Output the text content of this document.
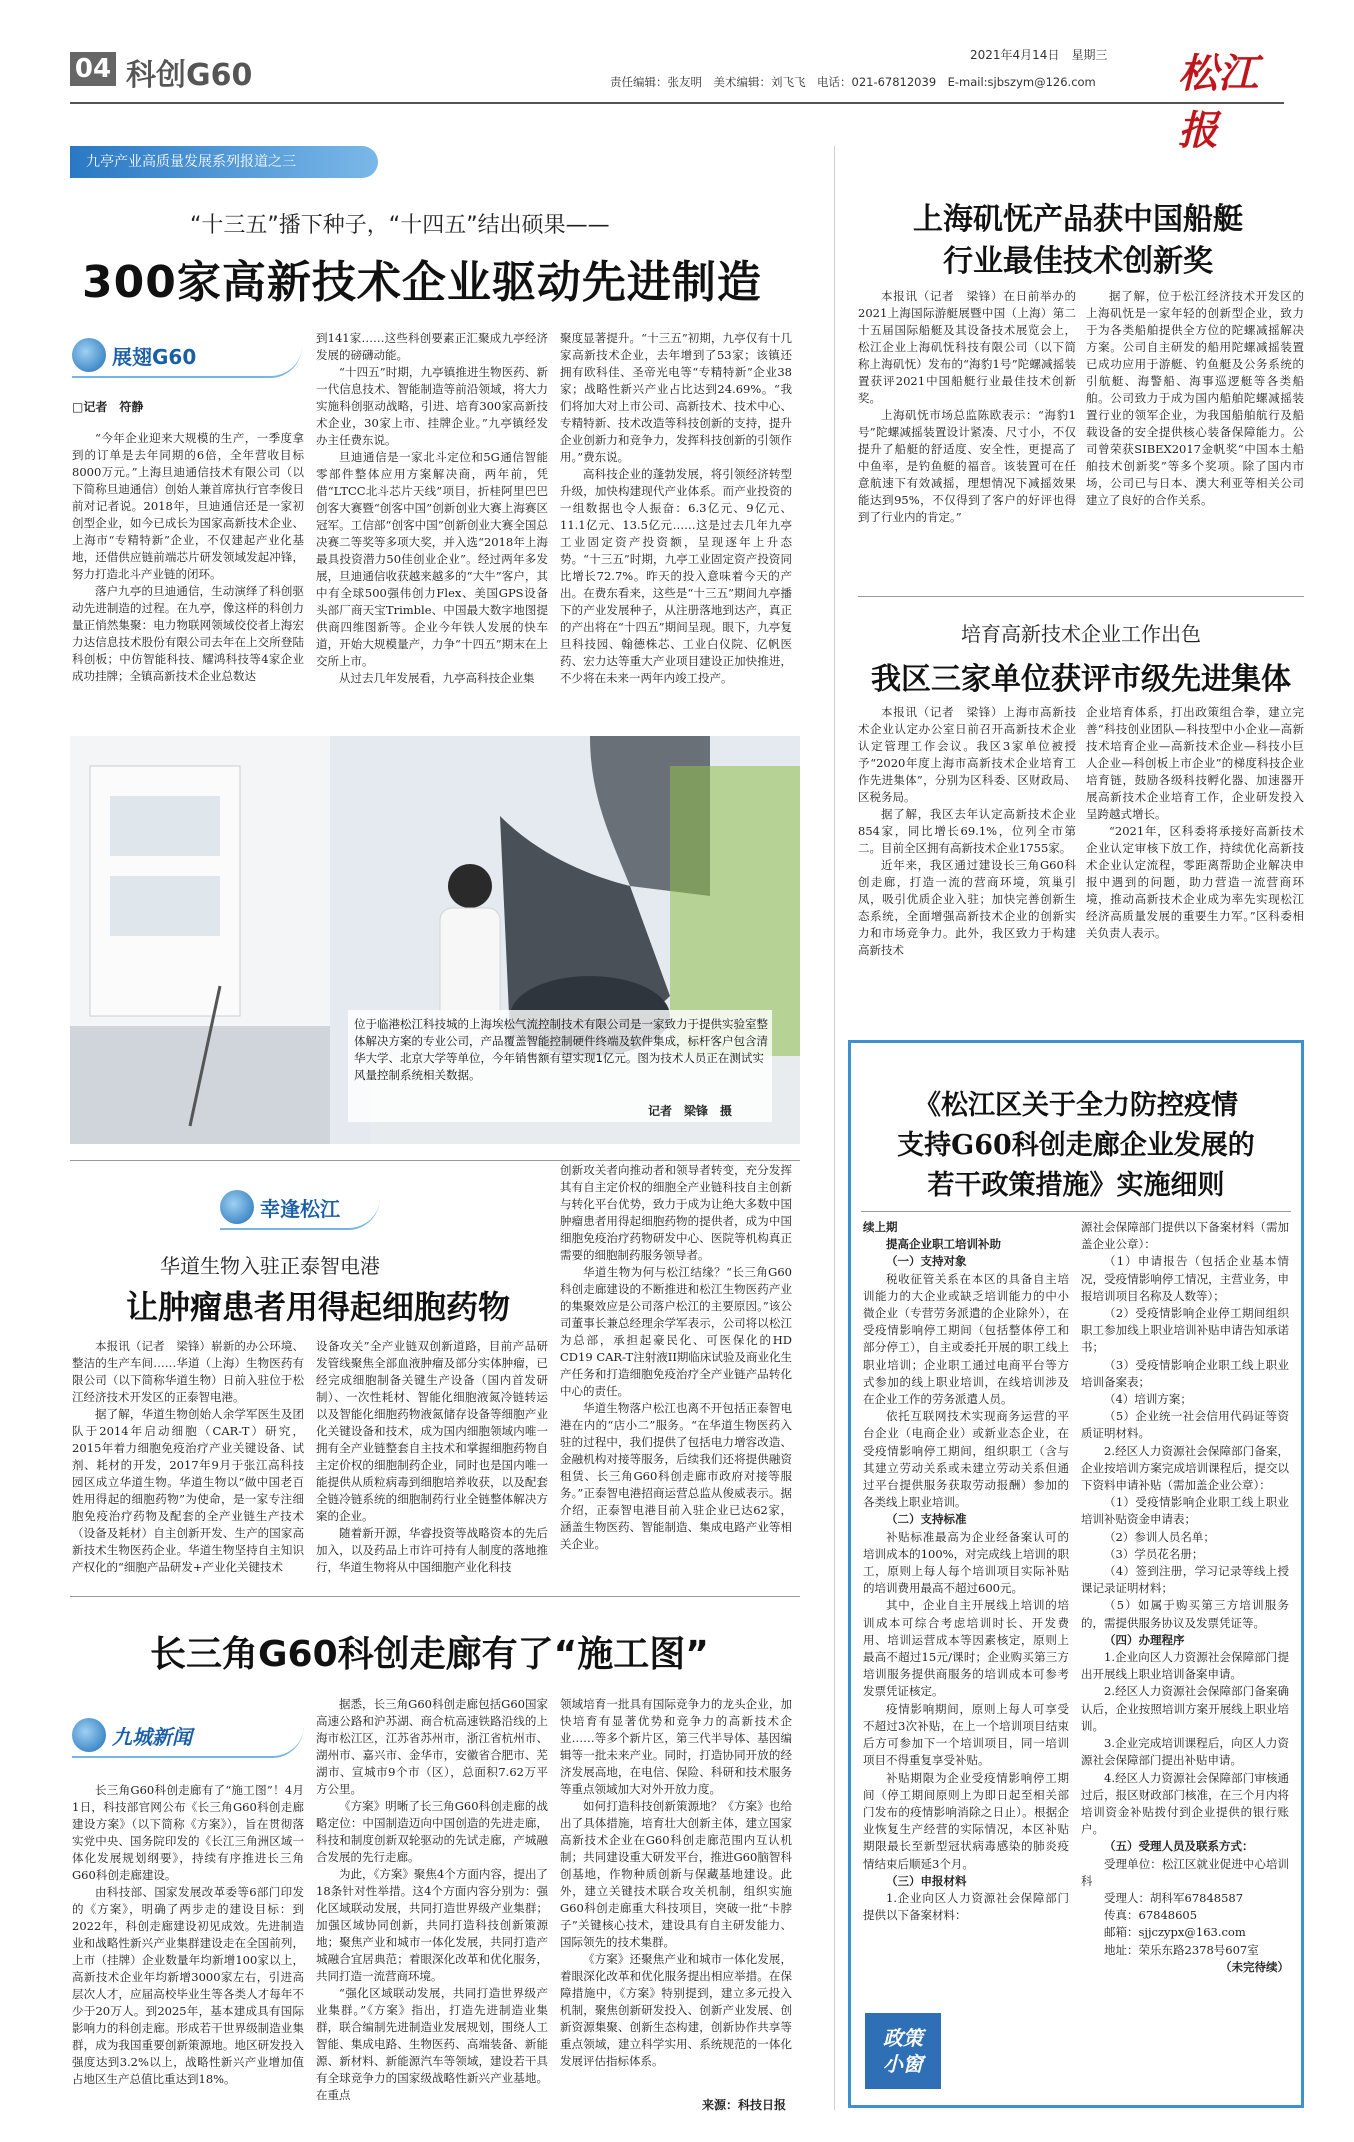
04 科创G60
2021年4月14日　星期三
责任编辑：张友明　美术编辑：刘飞飞　电话：021-67812039　E-mail:sjbszym@126.com 松江报
九亭产业高质量发展系列报道之三
“十三五”播下种子，“十四五”结出硕果——
300家高新技术企业驱动先进制造
展翅G60
□记者　符静

“今年企业迎来大规模的生产，一季度拿到的订单是去年同期的6倍，全年营收目标8000万元。”上海旦迪通信技术有限公司（以下简称旦迪通信）创始人兼首席执行官李俊日前对记者说。2018年，旦迪通信还是一家初创型企业，如今已成长为国家高新技术企业、上海市“专精特新”企业，不仅建起产业化基地，还借供应链前端芯片研发领域发起冲锋，努力打造北斗产业链的闭环。

落户九亭的旦迪通信，生动演绎了科创驱动先进制造的过程。在九亭，像这样的科创力量正悄然集聚：电力物联网领域佼佼者上海宏力达信息技术股份有限公司去年在上交所登陆科创板；中仿智能科技、耀鸿科技等4家企业成功挂牌；全镇高新技术企业总数达

到141家……这些科创要素正汇聚成九亭经济发展的磅礴动能。

“十四五”时期，九亭镇推进生物医药、新一代信息技术、智能制造等前沿领域，将大力实施科创驱动战略，引进、培育300家高新技术企业，30家上市、挂牌企业。”九亭镇经发办主任费东说。

旦迪通信是一家北斗定位和5G通信智能零部件整体应用方案解决商，两年前，凭借“LTCC北斗芯片天线”项目，折桂阿里巴巴创客大赛暨“创客中国”创新创业大赛上海赛区冠军。工信部“创客中国”创新创业大赛全国总决赛二等奖等多项大奖，并入选“2018年上海最具投资潜力50佳创业企业”。经过两年多发展，旦迪通信收获越来越多的“大牛”客户，其中有全球500强伟创力Flex、美国GPS设备头部厂商天宝Trimble、中国最大数字地图提供商四维图新等。企业今年铁人发展的快车道，开始大规模量产，力争“十四五”期末在上交所上市。

从过去几年发展看，九亭高科技企业集

聚度显著提升。“十三五”初期，九亭仅有十几家高新技术企业，去年增到了53家；该镇还拥有欧科佳、圣帝光电等“专精特新”企业38家；战略性新兴产业占比达到24.69%。“我们将加大对上市公司、高新技术、技术中心、专精特新、技术改造等科技创新的支持，提升企业创新力和竞争力，发挥科技创新的引领作用。”费东说。

高科技企业的蓬勃发展，将引领经济转型升级，加快构建现代产业体系。而产业投资的一组数据也令人振奋：6.3亿元、9亿元、11.1亿元、13.5亿元……这是过去几年九亭工业固定资产投资额，呈现逐年上升态势。“十三五”时期，九亭工业固定资产投资同比增长72.7%。昨天的投入意味着今天的产出。在费东看来，这些是“十三五”期间九亭播下的产业发展种子，从注册落地到达产，真正的产出将在“十四五”期间呈现。眼下，九亭复旦科技园、翰德株芯、工业白仪院、亿帆医药、宏力达等重大产业项目建设正加快推进，不少将在未来一两年内竣工投产。

位于临港松江科技城的上海埃松气流控制技术有限公司是一家致力于提供实验室整体解决方案的专业公司，产品覆盖智能控制硬件终端及软件集成，标杆客户包含清华大学、北京大学等单位，今年销售额有望实现1亿元。图为技术人员正在测试实风量控制系统相关数据。
记者　梁锋　摄
上海矶怃产品获中国船艇
行业最佳技术创新奖

本报讯（记者　梁锋）在日前举办的2021上海国际游艇展暨中国（上海）第二十五届国际船艇及其设备技术展览会上，松江企业上海矶怃科技有限公司（以下简称上海矶怃）发布的“海豹1号”陀螺减摇装置获评2021中国船艇行业最佳技术创新奖。

上海矶怃市场总监陈欧表示：“海豹1号”陀螺减摇装置设计紧凑、尺寸小，不仅提升了船艇的舒适度、安全性，更提高了中鱼率，是钓鱼艇的福音。该装置可在任意航速下有效减摇，理想情况下减摇效果能达到95%，不仅得到了客户的好评也得到了行业内的肯定。”

据了解，位于松江经济技术开发区的上海矶怃是一家年轻的创新型企业，致力于为各类船舶提供全方位的陀螺减摇解决方案。公司自主研发的船用陀螺减摇装置已成功应用于游艇、钓鱼艇及公务系统的引航艇、海警船、海事巡逻艇等各类船舶。公司致力于成为国内船舶陀螺减摇装置行业的领军企业，为我国船舶航行及船载设备的安全提供核心装备保障能力。公司曾荣获SIBEX2017金帆奖“中国本土船舶技术创新奖”等多个奖项。除了国内市场，公司已与日本、澳大利亚等相关公司建立了良好的合作关系。

培育高新技术企业工作出色
我区三家单位获评市级先进集体

本报讯（记者　梁锋）上海市高新技术企业认定办公室日前召开高新技术企业认定管理工作会议。我区3家单位被授予“2020年度上海市高新技术企业培育工作先进集体”，分别为区科委、区财政局、区税务局。

据了解，我区去年认定高新技术企业854家，同比增长69.1%，位列全市第二。目前全区拥有高新技术企业1755家。

近年来，我区通过建设长三角G60科创走廊，打造一流的营商环境，筑巢引凤，吸引优质企业入驻；加快完善创新生态系统，全面增强高新技术企业的创新实力和市场竞争力。此外，我区致力于构建高新技术

企业培育体系，打出政策组合拳，建立完善“科技创业团队—科技型中小企业—高新技术培育企业—高新技术企业—科技小巨人企业—科创板上市企业”的梯度科技企业培育链，鼓励各级科技孵化器、加速器开展高新技术企业培育工作，企业研发投入呈跨越式增长。

“2021年，区科委将承接好高新技术企业认定审核下放工作，持续优化高新技术企业认定流程，零距离帮助企业解决申报中遇到的问题，助力营造一流营商环境，推动高新技术企业成为率先实现松江经济高质量发展的重要生力军。”区科委相关负责人表示。

幸逢松江
华道生物入驻正泰智电港
让肿瘤患者用得起细胞药物

本报讯（记者　梁锋）崭新的办公环境、整洁的生产车间……华道（上海）生物医药有限公司（以下简称华道生物）日前入驻位于松江经济技术开发区的正泰智电港。

据了解，华道生物创始人余学军医生及团队于2014年启动细胞（CAR-T）研究，2015年着力细胞免疫治疗产业关键设备、试剂、耗材的开发，2017年9月于张江高科技园区成立华道生物。华道生物以“做中国老百姓用得起的细胞药物”为使命，是一家专注细胞免疫治疗药物及配套的全产业链生产技术（设备及耗材）自主创新开发、生产的国家高新技术生物医药企业。华道生物坚持自主知识产权化的“细胞产品研发+产业化关键技术

设备攻关”全产业链双创新道路，目前产品研发管线聚焦全部血液肿瘤及部分实体肿瘤，已经完成细胞制备关键生产设备（国内首发研制）、一次性耗材、智能化细胞液氮冷链转运以及智能化细胞药物液氮储存设备等细胞产业化关键设备和技术，成为国内细胞领域内唯一拥有全产业链整套自主技术和掌握细胞药物自主定价权的细胞制药企业，同时也是国内唯一能提供从质粒病毒到细胞培养收获，以及配套全链冷链系统的细胞制药行业全链整体解决方案的企业。

随着新开源，华睿投资等战略资本的先后加入，以及药品上市许可持有人制度的落地推行，华道生物将从中国细胞产业化科技

创新攻关者向推动者和领导者转变，充分发挥其有自主定价权的细胞全产业链科技自主创新与转化平台优势，致力于成为让绝大多数中国肿瘤患者用得起细胞药物的提供者，成为中国细胞免疫治疗药物研发中心、医院等机构真正需要的细胞制药服务领导者。

华道生物为何与松江结缘？“长三角G60科创走廊建设的不断推进和松江生物医药产业的集聚效应是公司落户松江的主要原因。”该公司董事长兼总经理余学军表示，公司将以松江为总部，承担起豪民化、可医保化的HD CD19 CAR-T注射液II期临床试验及商业化生产任务和打造细胞免疫治疗全产业链产品转化中心的责任。

华道生物落户松江也离不开包括正泰智电港在内的“店小二”服务。“在华道生物医药入驻的过程中，我们提供了包括电力增容改造、金融机构对接等服务，后续我们还将提供融资租赁、长三角G60科创走廊市政府对接等服务。”正泰智电港招商运营总监从俊威表示。据介绍，正泰智电港目前入驻企业已达62家，涵盖生物医药、智能制造、集成电路产业等相关企业。

长三角G60科创走廊有了“施工图”
九城新闻

长三角G60科创走廊有了“施工图”！4月1日，科技部官网公布《长三角G60科创走廊建设方案》（以下简称《方案》），旨在贯彻落实党中央、国务院印发的《长江三角洲区域一体化发展规划纲要》，持续有序推进长三角G60科创走廊建设。

由科技部、国家发展改革委等6部门印发的《方案》，明确了两步走的建设目标：到2022年，科创走廊建设初见成效。先进制造业和战略性新兴产业集群建设走在全国前列，上市（挂牌）企业数量年均新增100家以上，高新技术企业年均新增3000家左右，引进高层次人才，应届高校毕业生等各类人才每年不少于20万人。到2025年，基本建成具有国际影响力的科创走廊。形成若干世界级制造业集群，成为我国重要创新策源地。地区研发投入强度达到3.2%以上，战略性新兴产业增加值占地区生产总值比重达到18%。

据悉，长三角G60科创走廊包括G60国家高速公路和沪苏湖、商合杭高速铁路沿线的上海市松江区，江苏省苏州市，浙江省杭州市、湖州市、嘉兴市、金华市，安徽省合肥市、芜湖市、宣城市9个市（区），总面积7.62万平方公里。

《方案》明晰了长三角G60科创走廊的战略定位：中国制造迈向中国创造的先进走廊，科技和制度创新双轮驱动的先试走廊，产城融合发展的先行走廊。

为此，《方案》聚焦4个方面内容，提出了18条针对性举措。这4个方面内容分别为：强化区域联动发展，共同打造世界级产业集群；加强区域协同创新，共同打造科技创新策源地；聚焦产业和城市一体化发展，共同打造产城融合宜居典范；着眼深化改革和优化服务，共同打造一流营商环境。

“强化区域联动发展，共同打造世界级产业集群。”《方案》指出，打造先进制造业集群，联合编制先进制造业发展规划，围绕人工智能、集成电路、生物医药、高端装备、新能源、新材料、新能源汽车等领域，建设若干具有全球竞争力的国家级战略性新兴产业基地。在重点

领域培育一批具有国际竞争力的龙头企业，加快培育有显著优势和竞争力的高新技术企业……等多个新片区，第三代半导体、基因编辑等一批未来产业。同时，打造协同开放的经济发展高地，在电信、保险、科研和技术服务等重点领域加大对外开放力度。

如何打造科技创新策源地？《方案》也给出了具体措施，培育壮大创新主体，建立国家高新技术企业在G60科创走廊范围内互认机制；共同建设重大研发平台，推进G60脑智科创基地，作物种质创新与保藏基地建设。此外，建立关键技术联合攻关机制，组织实施G60科创走廊重大科技项目，突破一批“卡脖子”关键核心技术，建设具有自主研发能力、国际领先的技术集群。

《方案》还聚焦产业和城市一体化发展，着眼深化改革和优化服务提出相应举措。在保障措施中，《方案》特别提到，建立多元投入机制，聚焦创新研发投入、创新产业发展、创新资源集聚、创新生态构建，创新协作共享等重点领域，建立科学实用、系统规范的一体化发展评估指标体系。

来源：科技日报
《松江区关于全力防控疫情
支持G60科创走廊企业发展的
若干政策措施》实施细则
续上期
提高企业职工培训补助
（一）支持对象

税收征管关系在本区的具备自主培训能力的大企业或缺乏培训能力的中小微企业（专营劳务派遣的企业除外），在受疫情影响停工期间（包括整体停工和部分停工），自主或委托开展的职工线上职业培训；企业职工通过电商平台等方式参加的线上职业培训，在线培训涉及在企业工作的劳务派遣人员。

依托互联网技术实现商务运营的平台企业（电商企业）或新业态企业，在受疫情影响停工期间，组织职工（含与其建立劳动关系或未建立劳动关系但通过平台提供服务获取劳动报酬）参加的各类线上职业培训。

（二）支持标准

补贴标准最高为企业经备案认可的培训成本的100%，对完成线上培训的职工，原则上每人每个培训项目实际补贴的培训费用最高不超过600元。

其中，企业自主开展线上培训的培训成本可综合考虑培训时长、开发费用、培训运营成本等因素核定，原则上最高不超过15元/课时；企业购买第三方培训服务提供商服务的培训成本可参考发票凭证核定。

疫情影响期间，原则上每人可享受不超过3次补贴，在上一个培训项目结束后方可参加下一个培训项目，同一培训项目不得重复享受补贴。

补贴期限为企业受疫情影响停工期间（停工期间原则上为即日起至相关部门发布的疫情影响消除之日止）。根据企业恢复生产经营的实际情况，本区补贴期限最长至新型冠状病毒感染的肺炎疫情结束后顺延3个月。

（三）申报材料

1.企业向区人力资源社会保障部门提供以下备案材料：

源社会保障部门提供以下备案材料（需加盖企业公章）：

（1）申请报告（包括企业基本情况，受疫情影响停工情况，主营业务，申报培训项目名称及人数等）；

（2）受疫情影响企业停工期间组织职工参加线上职业培训补贴申请告知承诺书；

（3）受疫情影响企业职工线上职业培训备案表；

（4）培训方案；

（5）企业统一社会信用代码证等资质证明材料。

2.经区人力资源社会保障部门备案，企业按培训方案完成培训课程后，提交以下资料申请补贴（需加盖企业公章）：

（1）受疫情影响企业职工线上职业培训补贴资金申请表；

（2）参训人员名单；

（3）学员花名册；

（4）签到注册，学习记录等线上授课记录证明材料；

（5）如属于购买第三方培训服务的，需提供服务协议及发票凭证等。

（四）办理程序

1.企业向区人力资源社会保障部门提出开展线上职业培训备案申请。

2.经区人力资源社会保障部门备案确认后，企业按照培训方案开展线上职业培训。

3.企业完成培训课程后，向区人力资源社会保障部门提出补贴申请。

4.经区人力资源社会保障部门审核通过后，报区财政部门核准，在三个月内将培训资金补贴拨付到企业提供的银行账户。

（五）受理人员及联系方式：

受理单位：松江区就业促进中心培训科

受理人：胡科军67848587

传真：67848605

邮箱：sjjczypx@163.com

地址：荣乐东路2378号607室

（未完待续）
政策
小窗
